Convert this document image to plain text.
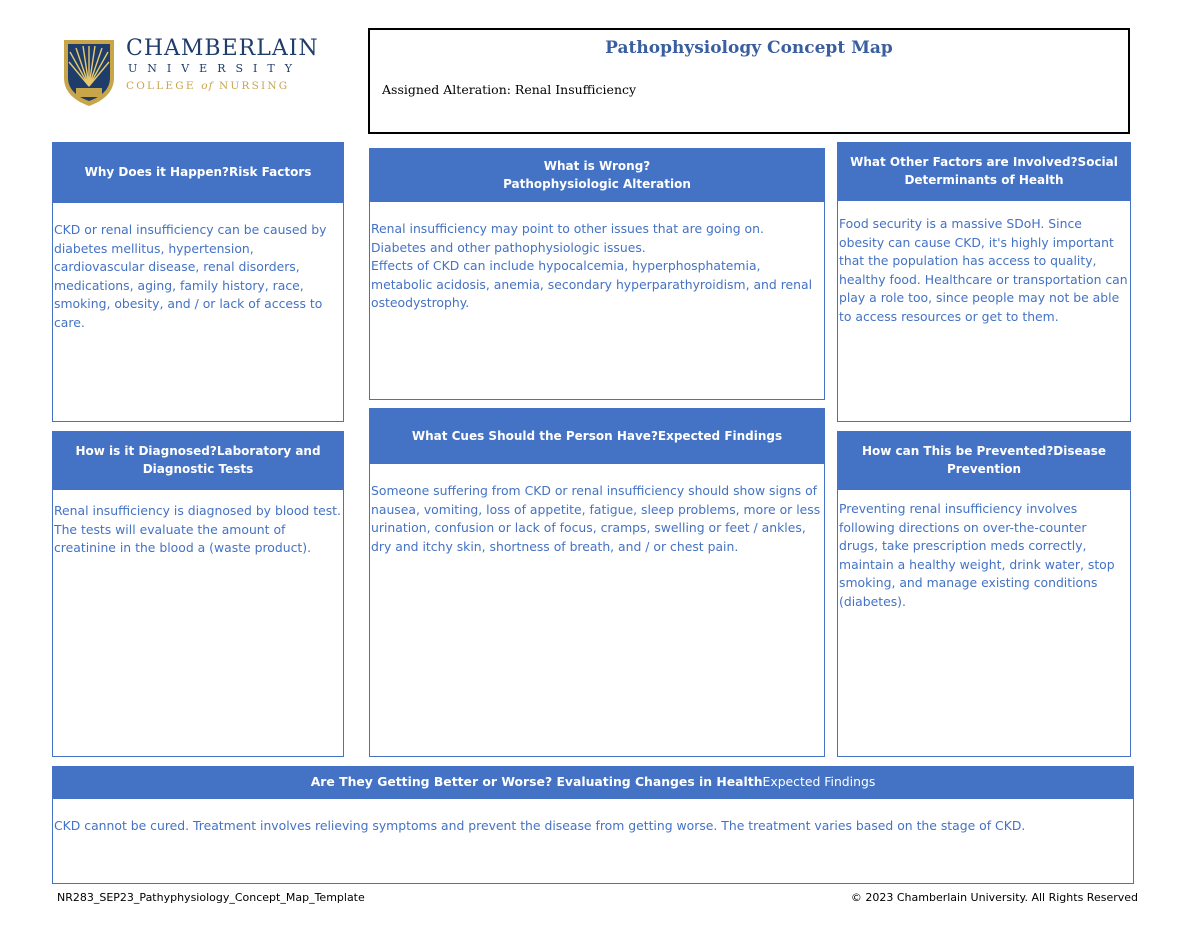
CHAMBERLAIN
UNIVERSITY
COLLEGE of NURSING
Pathophysiology Concept Map
Assigned Alteration: Renal Insufficiency
Why Does it Happen?Risk Factors

CKD or renal insufficiency can be caused by diabetes mellitus, hypertension, cardiovascular disease, renal disorders, medications, aging, family history, race, smoking, obesity, and / or lack of access to care.

What is Wrong?
Pathophysiologic Alteration

Renal insufficiency may point to other issues that are going on. Diabetes and other pathophysiologic issues.

Effects of CKD can include hypocalcemia, hyperphosphatemia, metabolic acidosis, anemia, secondary hyperparathyroidism, and renal osteodystrophy.

What Other Factors are Involved?Social Determinants of Health

Food security is a massive SDoH. Since obesity can cause CKD, it's highly important that the population has access to quality, healthy food. Healthcare or transportation can play a role too, since people may not be able to access resources or get to them.

How is it Diagnosed?Laboratory and Diagnostic Tests

Renal insufficiency is diagnosed by blood test. The tests will evaluate the amount of creatinine in the blood a (waste product).

What Cues Should the Person Have?Expected Findings

Someone suffering from CKD or renal insufficiency should show signs of nausea, vomiting, loss of appetite, fatigue, sleep problems, more or less urination, confusion or lack of focus, cramps, swelling or feet / ankles, dry and itchy skin, shortness of breath, and / or chest pain.

How can This be Prevented?Disease Prevention

Preventing renal insufficiency involves following directions on over-the-counter drugs, take prescription meds correctly, maintain a healthy weight, drink water, stop smoking, and manage existing conditions (diabetes).

Are They Getting Better or Worse? Evaluating Changes in HealthExpected Findings

CKD cannot be cured. Treatment involves relieving symptoms and prevent the disease from getting worse. The treatment varies based on the stage of CKD.

NR283_SEP23_Pathyphysiology_Concept_Map_Template	© 2023 Chamberlain University. All Rights Reserved
